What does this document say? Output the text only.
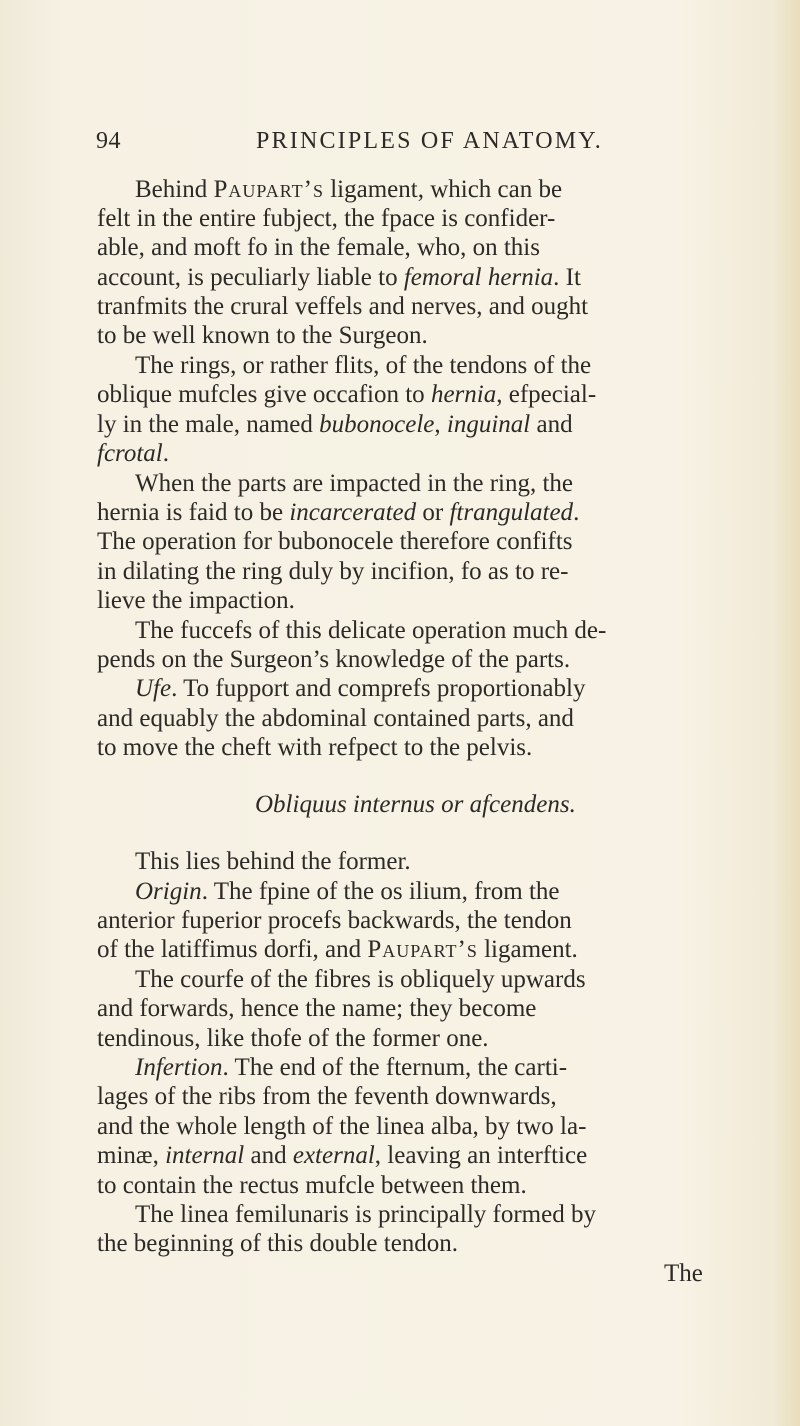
94	PRINCIPLES OF ANATOMY.
Behind Paupart’s ligament, which can be
felt in the entire fubject, the fpace is confider-
able, and moft fo in the female, who, on this
account, is peculiarly liable to femoral hernia. It
tranfmits the crural veffels and nerves, and ought
to be well known to the Surgeon.
The rings, or rather flits, of the tendons of the
oblique mufcles give occafion to hernia, efpecial-
ly in the male, named bubonocele, inguinal and
fcrotal.
When the parts are impacted in the ring, the
hernia is faid to be incarcerated or ftrangulated.
The operation for bubonocele therefore confifts
in dilating the ring duly by incifion, fo as to re-
lieve the impaction.
The fuccefs of this delicate operation much de-
pends on the Surgeon’s knowledge of the parts.
Ufe. To fupport and comprefs proportionably
and equably the abdominal contained parts, and
to move the cheft with refpect to the pelvis.
Obliquus internus or afcendens.
This lies behind the former.
Origin. The fpine of the os ilium, from the
anterior fuperior procefs backwards, the tendon
of the latiffimus dorfi, and Paupart’s ligament.
The courfe of the fibres is obliquely upwards
and forwards, hence the name; they become
tendinous, like thofe of the former one.
Infertion. The end of the fternum, the carti-
lages of the ribs from the feventh downwards,
and the whole length of the linea alba, by two la-
minæ, internal and external, leaving an interftice
to contain the rectus mufcle between them.
The linea femilunaris is principally formed by
the beginning of this double tendon.
The
